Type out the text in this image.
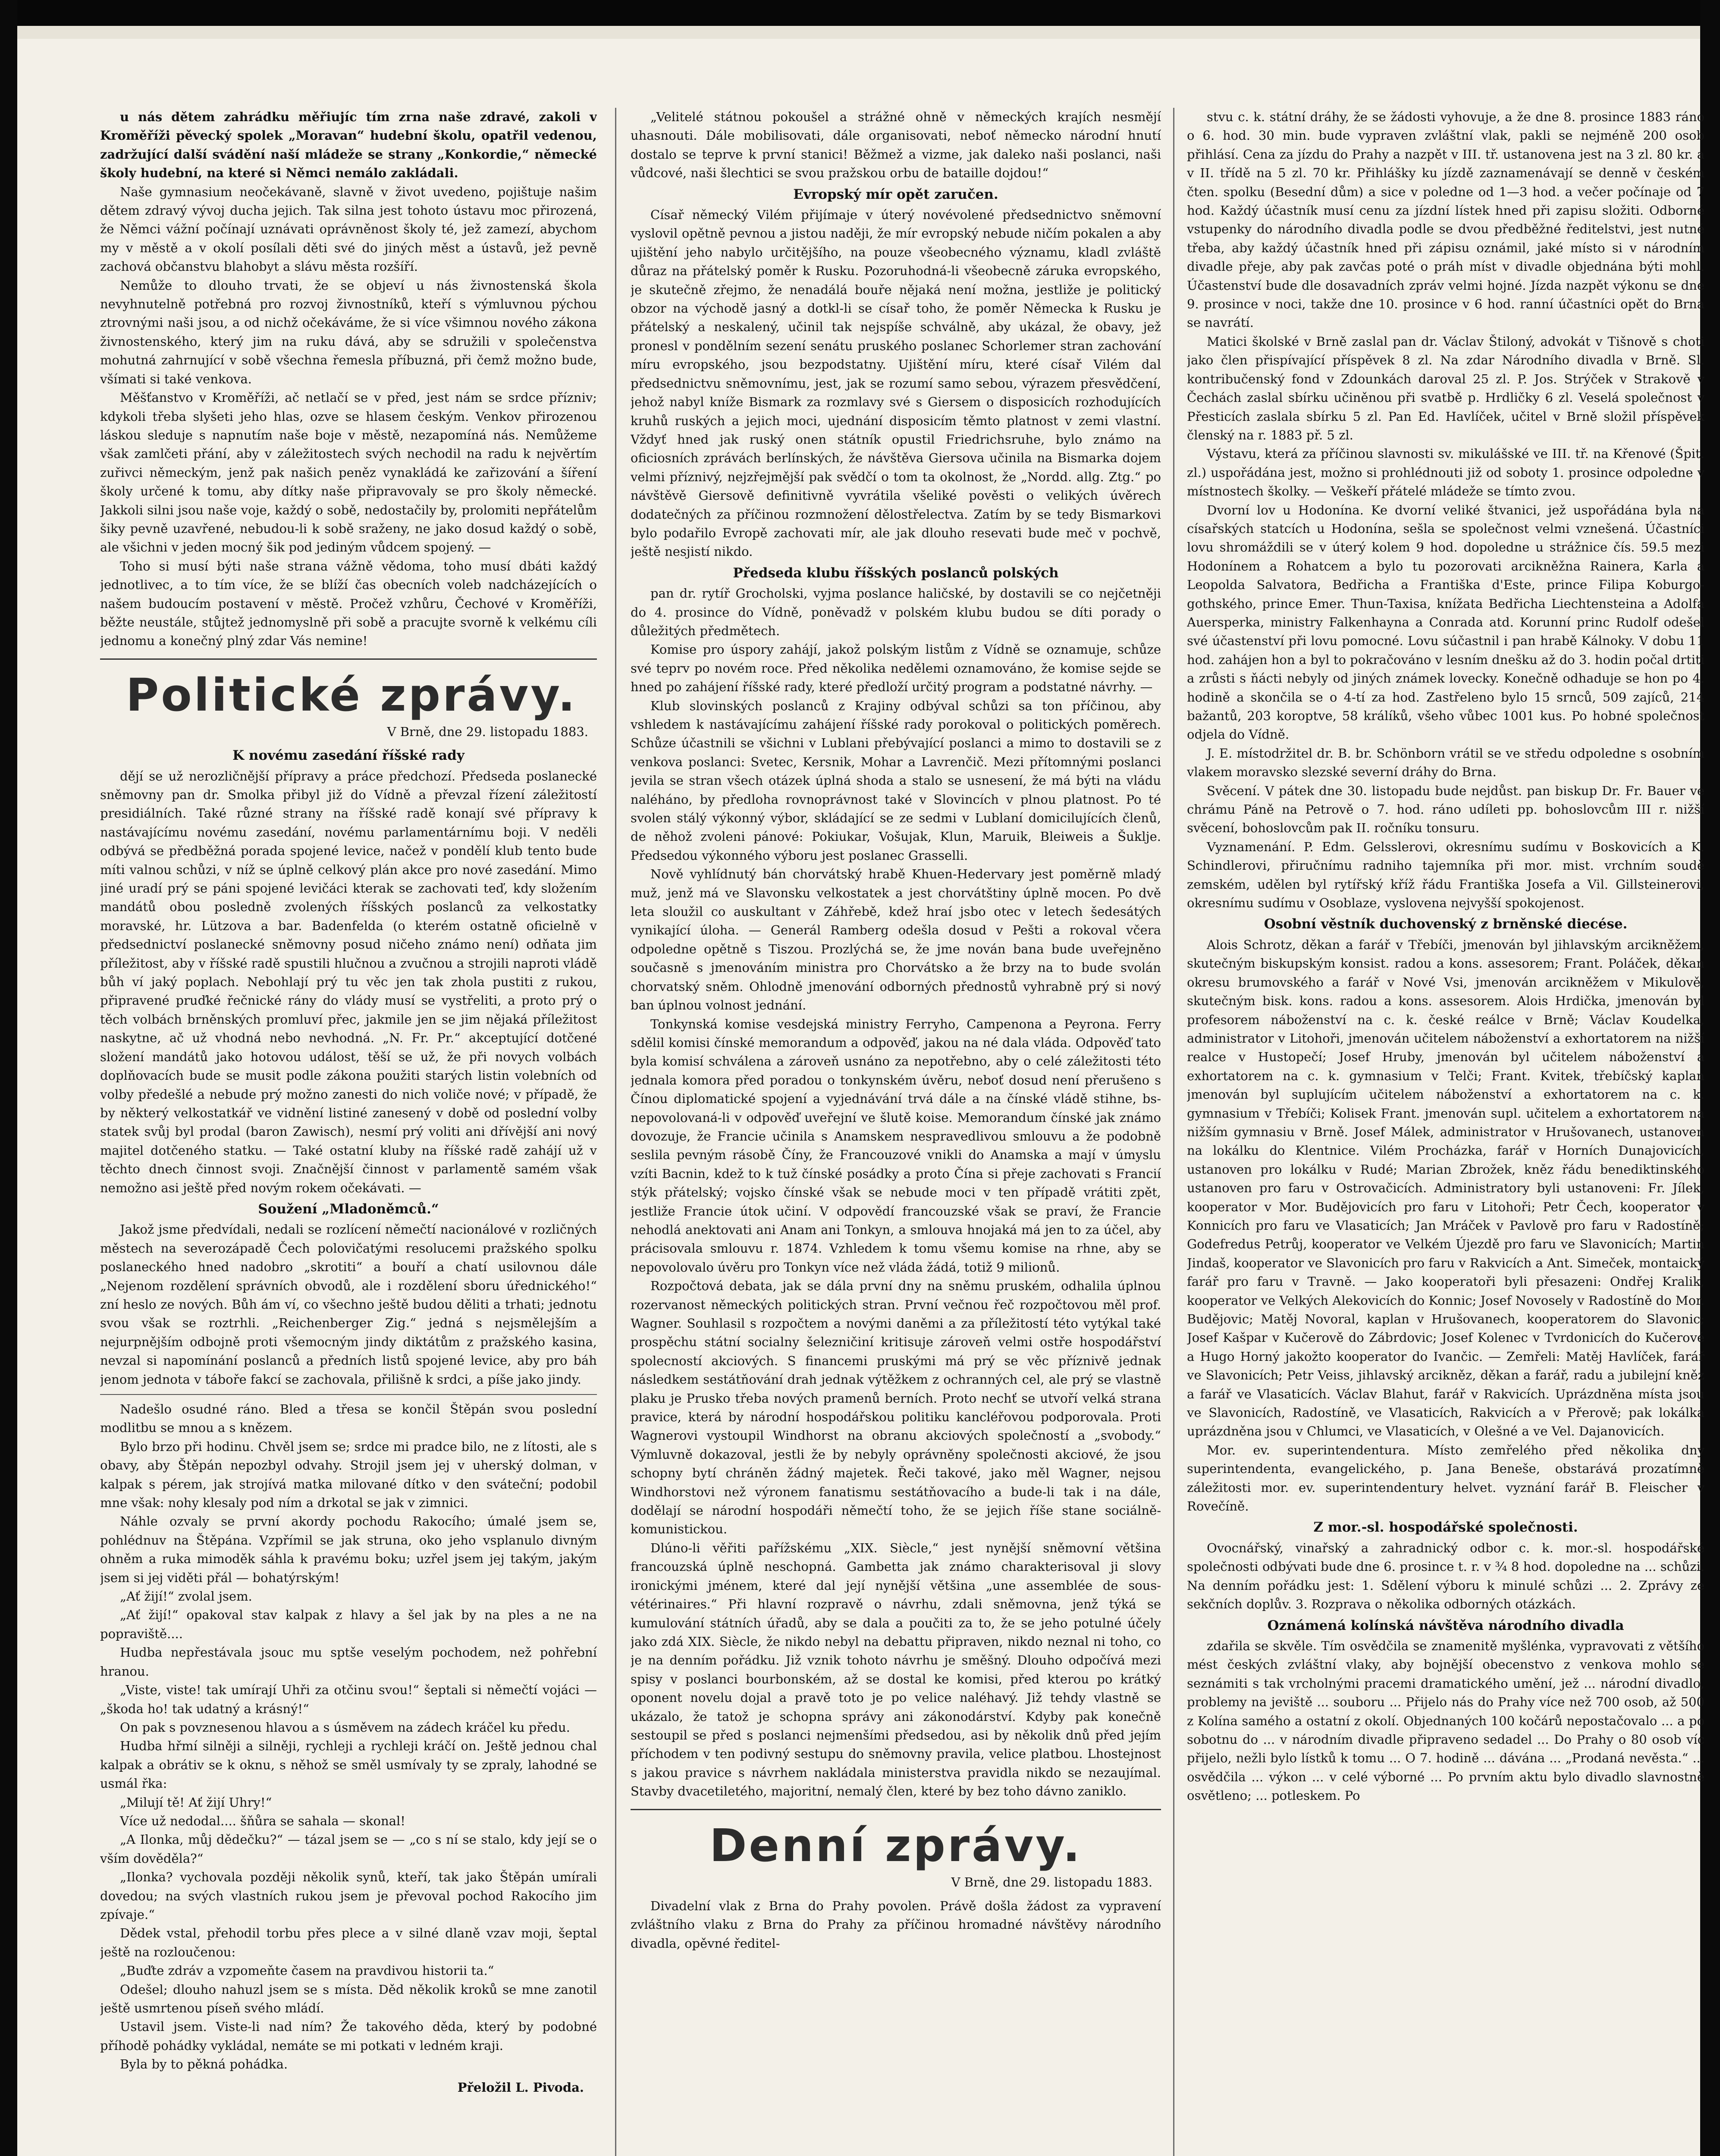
u nás dětem zahrádku měřiujíc tím zrna naše zdravé, zakoli v Kroměříži pěvecký spolek „Moravan“ hudební školu, opatřil vedenou, zadržující další svádění naší mládeže se strany „Konkordie,“ německé školy hudební, na které si Němci nemálo zakládali.

Naše gymnasium neočekávaně, slavně v život uvedeno, pojištuje našim dětem zdravý vývoj ducha jejich. Tak silna jest tohoto ústavu moc přirozená, že Němci vážní počínají uznávati oprávněnost školy té, jež zamezí, abychom my v městě a v okolí posílali děti své do jiných měst a ústavů, jež pevně zachová občanstvu blahobyt a slávu města rozšíří.

Nemůže to dlouho trvati, že se objeví u nás živnostenská škola nevyhnutelně potřebná pro rozvoj živnostníků, kteří s výmluvnou pýchou ztrovnými naši jsou, a od nichž očekáváme, že si více všimnou nového zákona živnostenského, který jim na ruku dává, aby se sdružili v společenstva mohutná zahrnující v sobě všechna řemesla příbuzná, při čemž možno bude, všímati si také venkova.

Měšťanstvo v Kroměříži, ač netlačí se v před, jest nám se srdce přízniv; kdykoli třeba slyšeti jeho hlas, ozve se hlasem českým. Venkov přirozenou láskou sleduje s napnutím naše boje v městě, nezapomíná nás. Nemůžeme však zamlčeti přání, aby v záležitostech svých nechodil na radu k nejvěrtím zuřivci německým, jenž pak našich peněz vynakládá ke zařizování a šíření školy určené k tomu, aby dítky naše připravovaly se pro školy německé. Jakkoli silni jsou naše voje, každý o sobě, nedostačily by, prolomiti nepřátelům šiky pevně uzavřené, nebudou-li k sobě sraženy, ne jako dosud každý o sobě, ale všichni v jeden mocný šik pod jediným vůdcem spojený. —

Toho si musí býti naše strana vážně vědoma, toho musí dbáti každý jednotlivec, a to tím více, že se blíží čas obecních voleb nadcházejících o našem budoucím postavení v městě. Pročež vzhůru, Čechové v Kroměříži, běžte neustále, stůjtež jednomyslně při sobě a pracujte svorně k velkému cíli jednomu a konečný plný zdar Vás nemine!

Politické zprávy.
V Brně, dne 29. listopadu 1883.
K novému zasedání říšské rady

dějí se už nerozličnější přípravy a práce předchozí. Předseda poslanecké sněmovny pan dr. Smolka přibyl již do Vídně a převzal řízení záležitostí presidiálních. Také různé strany na říšské radě konají své přípravy k nastávajícímu novému zasedání, novému parlamentárnímu boji. V neděli odbývá se předběžná porada spojené levice, načež v pondělí klub tento bude míti valnou schůzi, v níž se úplně celkový plán akce pro nové zasedání. Mimo jiné uradí prý se páni spojené levičáci kterak se zachovati teď, kdy složením mandátů obou posledně zvolených říšských poslanců za velkostatky moravské, hr. Lützova a bar. Badenfelda (o kterém ostatně oficielně v předsednictví poslanecké sněmovny posud ničeho známo není) odňata jim příležitost, aby v říšské radě spustili hlučnou a zvučnou a strojili naproti vládě bůh ví jaký poplach. Nebohlají prý tu věc jen tak zhola pustiti z rukou, připravené pruďké řečnické rány do vlády musí se vystřeliti, a proto prý o těch volbách brněnských promluví přec, jakmile jen se jim nějaká příležitost naskytne, ač už vhodná nebo nevhodná. „N. Fr. Pr.“ akceptující dotčené složení mandátů jako hotovou událost, těší se už, že při novych volbách doplňovacích bude se musit podle zákona použiti starých listin volebních od volby předešlé a nebude prý možno zanesti do nich voliče nové; v případě, že by některý velkostatkář ve vidnění listiné zanesený v době od poslední volby statek svůj byl prodal (baron Zawisch), nesmí prý voliti ani dřívější ani nový majitel dotčeného statku. — Také ostatní kluby na říšské radě zahájí už v těchto dnech činnost svoji. Značnější činnost v parlamentě samém však nemožno asi ještě před novým rokem očekávati. —

Soužení „Mladoněmců.“

Jakož jsme předvídali, nedali se rozlícení němečtí nacionálové v rozličných městech na severozápadě Čech polovičatými resolucemi pražského spolku poslaneckého hned nadobro „skrotiti“ a bouří a chatí usilovnou dále „Nejenom rozdělení správních obvodů, ale i rozdělení sboru úřednického!“ zní heslo ze nových. Bůh ám ví, co všechno ještě budou děliti a trhati; jednotu svou však se roztrhli. „Reichenberger Zig.“ jedná s nejsmělejším a nejurpnějším odbojně proti všemocným jindy diktátům z pražského kasina, nevzal si napomínání poslanců a předních listů spojené levice, aby pro báh jenom jednota v táboře fakcí se zachovala, přilišně k srdci, a píše jako jindy.

Nadešlo osudné ráno. Bled a třesa se končil Štěpán svou poslední modlitbu se mnou a s knězem.

Bylo brzo při hodinu. Chvěl jsem se; srdce mi pradce bilo, ne z lítosti, ale s obavy, aby Štěpán nepozbyl odvahy. Strojil jsem jej v uherský dolman, v kalpak s pérem, jak strojívá matka milované dítko v den sváteční; podobil mne však: nohy klesaly pod ním a drkotal se jak v zimnici.

Náhle ozvaly se první akordy pochodu Rakocího; úmalé jsem se, pohlédnuv na Štěpána. Vzpřímil se jak struna, oko jeho vsplanulo divným ohněm a ruka mimoděk sáhla k pravému boku; uzřel jsem jej takým, jakým jsem si jej viděti přál — bohatýrským!

„Ať žijí!“ zvolal jsem.

„Ať žijí!“ opakoval stav kalpak z hlavy a šel jak by na ples a ne na popraviště....

Hudba nepřestávala jsouc mu sptše veselým pochodem, než pohřební hranou.

„Viste, viste! tak umírají Uhři za otčinu svou!“ šeptali si němečtí vojáci — „škoda ho! tak udatný a krásný!“

On pak s povznesenou hlavou a s úsměvem na zádech kráčel ku předu.

Hudba hřmí silněji a silněji, rychleji a rychleji kráčí on. Ještě jednou chal kalpak a obrátiv se k oknu, s něhož se směl usmívaly ty se zpraly, lahodné se usmál řka:

„Milují tě! Ať žijí Uhry!“

Více už nedodal.... šňůra se sahala — skonal!

„A Ilonka, můj dědečku?“ — tázal jsem se — „co s ní se stalo, kdy její se o vším dověděla?“

„Ilonka? vychovala později několik synů, kteří, tak jako Štěpán umírali dovedou; na svých vlastních rukou jsem je převoval pochod Rakocího jim zpívaje.“

Dědek vstal, přehodil torbu přes plece a v silné dlaně vzav moji, šeptal ještě na rozloučenou:

„Buďte zdráv a vzpomeňte časem na pravdivou historii ta.“

Odešel; dlouho nahuzl jsem se s místa. Děd několik kroků se mne zanotil ještě usmrtenou píseň svého mládí.

Ustavil jsem. Viste-li nad ním? Že takového děda, který by podobné příhodě pohádky vykládal, nemáte se mi potkati v ledném kraji.

Byla by to pěkná pohádka.

Přeložil L. Pivoda.

„Velitelé státnou pokoušel a strážné ohně v německých krajích nesmějí uhasnouti. Dále mobilisovati, dále organisovati, neboť německo národní hnutí dostalo se teprve k první stanici! Běžmež a vizme, jak daleko naši poslanci, naši vůdcové, naši šlechtici se svou pražskou orbu de bataille dojdou!“

Evropský mír opět zaručen.

Císař německý Vilém přijímaje v úterý novévolené předsednictvo sněmovní vyslovil opětně pevnou a jistou naději, že mír evropský nebude ničím pokalen a aby ujištění jeho nabylo určitějšího, na pouze všeobecného významu, kladl zvláště důraz na přátelský poměr k Rusku. Pozoruhodná-li všeobecně záruka evropského, je skutečně zřejmo, že nenadálá bouře nějaká není možna, jestliže je politický obzor na východě jasný a dotkl-li se císař toho, že poměr Německa k Rusku je přátelský a neskalený, učinil tak nejspíše schválně, aby ukázal, že obavy, jež pronesl v pondělním sezení senátu pruského poslanec Schorlemer stran zachování míru evropského, jsou bezpodstatny. Ujištění míru, které císař Vilém dal předsednictvu sněmovnímu, jest, jak se rozumí samo sebou, výrazem přesvědčení, jehož nabyl kníže Bismark za rozmlavy své s Giersem o disposicích rozhodujících kruhů ruských a jejich moci, ujednání disposicím těmto platnost v zemi vlastní. Vždyť hned jak ruský onen státník opustil Friedrichsruhe, bylo známo na oficiosních zprávách berlínských, že návštěva Giersova učinila na Bismarka dojem velmi příznivý, nejzřejmější pak svědčí o tom ta okolnost, že „Nordd. allg. Ztg.“ po návštěvě Giersově definitivně vyvrátila všeliké pověsti o velikých úvěrech dodatečných za příčinou rozmnožení dělostřelectva. Zatím by se tedy Bismarkovi bylo podařilo Evropě zachovati mír, ale jak dlouho resevati bude meč v pochvě, ještě nesjistí nikdo.

Předseda klubu říšských poslanců polských

pan dr. rytíř Grocholski, vyjma poslance haličské, by dostavili se co nejčetněji do 4. prosince do Vídně, poněvadž v polském klubu budou se díti porady o důležitých předmětech.

Komise pro úspory zahájí, jakož polským listům z Vídně se oznamuje, schůze své teprv po novém roce. Před několika nedělemi oznamováno, že komise sejde se hned po zahájení říšské rady, které předloží určitý program a podstatné návrhy. —

Klub slovinských poslanců z Krajiny odbýval schůzi sa ton příčinou, aby vshledem k nastávajícímu zahájení říšské rady porokoval o politických poměrech. Schůze účastnili se všichni v Lublani přebývající poslanci a mimo to dostavili se z venkova poslanci: Svetec, Kersnik, Mohar a Lavrenčič. Mezi přítomnými poslanci jevila se stran všech otázek úplná shoda a stalo se usnesení, že má býti na vládu naléháno, by předloha rovnoprávnost také v Slovincích v plnou platnost. Po té svolen stálý výkonný výbor, skládající se ze sedmi v Lublaní domicilujících členů, de něhož zvoleni pánové: Pokiukar, Vošujak, Klun, Maruik, Bleiweis a Šuklje. Předsedou výkonného výboru jest poslanec Grasselli.

Nově vyhlídnutý bán chorvátský hrabě Khuen-Hedervary jest poměrně mladý muž, jenž má ve Slavonsku velkostatek a jest chorvátštiny úplně mocen. Po dvě leta sloužil co auskultant v Záhřebě, kdež hraí jsbo otec v letech šedesátých vynikající úloha. — Generál Ramberg odešla dosud v Pešti a rokoval včera odpoledne opětně s Tiszou. Prozlýchá se, že jme nován bana bude uveřejněno současně s jmenováním ministra pro Chorvátsko a že brzy na to bude svolán chorvatský sněm. Ohlodně jmenování odborných přednostů vyhrabně prý si nový ban úplnou volnost jednání.

Tonkynská komise vesdejská ministry Ferryho, Campenona a Peyrona. Ferry sdělil komisi čínské memorandum a odpověď, jakou na né dala vláda. Odpověď tato byla komisí schválena a zároveň usnáno za nepotřebno, aby o celé záležitosti této jednala komora před poradou o tonkynském úvěru, neboť dosud není přerušeno s Čínou diplomatické spojení a vyjednávání trvá dále a na čínské vládě stihne, bs-nepovolovaná-li v odpověď uveřejní ve šlutě koise. Memorandum čínské jak známo dovozuje, že Francie učinila s Anamskem nespravedlivou smlouvu a že podobně seslila pevným rásobě Číny, že Francouzové vnikli do Anamska a mají v úmyslu vzíti Bacnin, kdež to k tuž čínské posádky a proto Čína si přeje zachovati s Francií stýk přátelský; vojsko čínské však se nebude moci v ten případě vrátiti zpět, jestliže Francie útok učiní. V odpovědí francouzské však se praví, že Francie nehodlá anektovati ani Anam ani Tonkyn, a smlouva hnojaká má jen to za účel, aby prácisovala smlouvu r. 1874. Vzhledem k tomu všemu komise na rhne, aby se nepovolovalo úvěru pro Tonkyn více než vláda žádá, totiž 9 milionů.

Rozpočtová debata, jak se dála první dny na sněmu pruském, odhalila úplnou rozervanost německých politických stran. První večnou řeč rozpočtovou měl prof. Wagner. Souhlasil s rozpočtem a novými daněmi a za příležitostí této vytýkal také prospěchu státní socialny šelezničiní kritisuje zároveň velmi ostře hospodářství spolecností akciových. S financemi pruskými má prý se věc příznivě jednak následkem sestátňování drah jednak výtěžkem z ochranných cel, ale prý se vlastně plaku je Prusko třeba nových pramenů berních. Proto nechť se utvoří velká strana pravice, která by národní hospodářskou politiku kancléřovou podporovala. Proti Wagnerovi vystoupil Windhorst na obranu akciových společností a „svobody.“ Výmluvně dokazoval, jestli že by nebyly oprávněny společnosti akciové, že jsou schopny bytí chráněn žádný majetek. Řeči takové, jako měl Wagner, nejsou Windhorstovi než výronem fanatismu sestátňovacího a bude-li tak i na dále, dodělají se národní hospodáři němečtí toho, že se jejich říše stane sociálně-komunistickou.

Dlúno-li věřiti pařížskému „XIX. Siècle,“ jest nynější sněmovní většina francouzská úplně neschopná. Gambetta jak známo charakterisoval ji slovy ironickými jménem, které dal její nynější většina „une assemblée de sous-vétérinaires.“ Při hlavní rozpravě o návrhu, zdali sněmovna, jenž týká se kumulování státních úřadů, aby se dala a poučiti za to, že se jeho potulné účely jako zdá XIX. Siècle, že nikdo nebyl na debattu připraven, nikdo neznal ni toho, co je na denním pořádku. Již vznik tohoto návrhu je směšný. Dlouho odpočívá mezi spisy v poslanci bourbonském, až se dostal ke komisi, před kterou po krátký oponent novelu dojal a pravě toto je po velice naléhavý. Již tehdy vlastně se ukázalo, že tatož je schopna správy ani zákonodárství. Kdyby pak konečně sestoupil se před s poslanci nejmenšími předsedou, asi by několik dnů před jejím příchodem v ten podivný sestupu do sněmovny pravila, velice platbou. Lhostejnost s jakou pravice s návrhem nakládala ministerstva pravidla nikdo se nezaujímal. Stavby dvacetiletého, majoritní, nemalý člen, které by bez toho dávno zaniklo.

Denní zprávy.
V Brně, dne 29. listopadu 1883.

Divadelní vlak z Brna do Prahy povolen. Právě došla žádost za vypravení zvláštního vlaku z Brna do Prahy za příčinou hromadné návštěvy národního divadla, opěvné ředitel-

stvu c. k. státní dráhy, že se žádosti vyhovuje, a že dne 8. prosince 1883 ráno o 6. hod. 30 min. bude vypraven zvláštní vlak, pakli se nejméně 200 osob přihlásí. Cena za jízdu do Prahy a nazpět v III. tř. ustanovena jest na 3 zl. 80 kr. a v II. třídě na 5 zl. 70 kr. Přihlášky ku jízdě zaznamenávají se denně v českém čten. spolku (Besední dům) a sice v poledne od 1—3 hod. a večer počínaje od 7 hod. Každý účastník musí cenu za jízdní lístek hned při zapisu složiti. Odborné vstupenky do národního divadla podle se dvou předběžné ředitelstvi, jest nutné třeba, aby každý účastník hned při zápisu oznámil, jaké místo si v národním divadle přeje, aby pak zavčas poté o práh míst v divadle objednána býti mohl. Účastenství bude dle dosavadních zpráv velmi hojné. Jízda nazpět výkonu se dne 9. prosince v noci, takže dne 10. prosince v 6 hod. ranní účastníci opět do Brna se navrátí.

Matici školské v Brně zaslal pan dr. Václav Štiloný, advokát v Tišnově s choti jako člen přispívající příspěvek 8 zl. Na zdar Národního divadla v Brně. Sl. kontribučenský fond v Zdounkách daroval 25 zl. P. Jos. Strýček v Strakově v Čechách zaslal sbírku učiněnou při svatbě p. Hrdličky 6 zl. Veselá společnost v Přesticích zaslala sbírku 5 zl. Pan Ed. Havlíček, učitel v Brně složil příspěvek členský na r. 1883 př. 5 zl.

Výstavu, která za příčinou slavnosti sv. mikulášské ve III. tř. na Křenové (Špit. zl.) uspořádána jest, možno si prohlédnouti již od soboty 1. prosince odpoledne v místnostech školky. — Veškeří přátelé mládeže se tímto zvou.

Dvorní lov u Hodonína. Ke dvorní veliké štvanici, jež uspořádána byla na císařských statcích u Hodonína, sešla se společnost velmi vznešená. Účastníci lovu shromáždili se v úterý kolem 9 hod. dopoledne u strážnice čís. 59.5 mezi Hodonínem a Rohatcem a bylo tu pozorovati arcikněžna Rainera, Karla a Leopolda Salvatora, Bedřicha a Františka d'Este, prince Filipa Koburgo-gothského, prince Emer. Thun-Taxisa, knížata Bedřicha Liechtensteina a Adolfa Auersperka, ministry Falkenhayna a Conrada atd. Korunní princ Rudolf odešel své účastenství při lovu pomocné. Lovu súčastnil i pan hrabě Kálnoky. V dobu 11 hod. zahájen hon a byl to pokračováno v lesním dnešku až do 3. hodin počal drtiti a zrůsti s ňácti nebyly od jiných známek lovecky. Konečně odhaduje se hon po 4. hodině a skončila se o 4-tí za hod. Zastřeleno bylo 15 srnců, 509 zajíců, 214 bažantů, 203 koroptve, 58 králíků, všeho vůbec 1001 kus. Po hobné společnost odjela do Vídně.

J. E. místodržitel dr. B. br. Schönborn vrátil se ve středu odpoledne s osobním vlakem moravsko slezské severní dráhy do Brna.

Svěcení. V pátek dne 30. listopadu bude nejdůst. pan biskup Dr. Fr. Bauer ve chrámu Páně na Petrově o 7. hod. ráno udíleti pp. bohoslovcům III r. nižší svěcení, bohoslovcům pak II. ročníku tonsuru.

Vyznamenání. P. Edm. Gelsslerovi, okresnímu sudímu v Boskovicích a K. Schindlerovi, přiručnímu radniho tajemníka při mor. mist. vrchním soudě zemském, udělen byl rytířský kříž řádu Františka Josefa a Vil. Gillsteinerovi, okresnímu sudímu v Osoblaze, vyslovena nejvyšší spokojenost.

Osobní věstník duchovenský z brněnské diecése.

Alois Schrotz, děkan a farář v Třebíči, jmenován byl jihlavským arcikněžem, skutečným biskupským konsist. radou a kons. assesorem; Frant. Poláček, děkan okresu brumovského a farář v Nové Vsi, jmenován arcikněžem v Mikulově, skutečným bisk. kons. radou a kons. assesorem. Alois Hrdička, jmenován byl profesorem náboženství na c. k. české reálce v Brně; Václav Koudelka, administrator v Litohoři, jmenován učitelem náboženství a exhortatorem na nižší realce v Hustopečí; Josef Hruby, jmenován byl učitelem náboženství a exhortatorem na c. k. gymnasium v Telči; Frant. Kvitek, třebíčský kaplan jmenován byl suplujícím učitelem náboženství a exhortatorem na c. k. gymnasium v Třebíči; Kolisek Frant. jmenován supl. učitelem a exhortatorem na nižším gymnasiu v Brně. Josef Málek, administrator v Hrušovanech, ustanoven na lokálku do Klentnice. Vilém Procházka, farář v Horních Dunajovicích, ustanoven pro lokálku v Rudé; Marian Zbrožek, kněz řádu benediktinského ustanoven pro faru v Ostrovačicích. Administratory byli ustanoveni: Fr. Jílek, kooperator v Mor. Budějovicích pro faru v Litohoři; Petr Čech, kooperator v Konnicích pro faru ve Vlasaticích; Jan Mráček v Pavlově pro faru v Radostíně; Godefredus Petrůj, kooperator ve Velkém Újezdě pro faru ve Slavonicích; Martin Jindaš, kooperator ve Slavonicích pro faru v Rakvicích a Ant. Simeček, montaický farář pro faru v Travně. — Jako kooperatoři byli přesazeni: Ondřej Kralik, kooperator ve Velkých Alekovicích do Konnic; Josef Novosely v Radostíně do Mor. Budějovic; Matěj Novoral, kaplan v Hrušovanech, kooperatorem do Slavonic; Josef Kašpar v Kučerově do Zábrdovic; Josef Kolenec v Tvrdonicích do Kučerové a Hugo Horný jakožto kooperator do Ivančic. — Zemřeli: Matěj Havlíček, farář ve Slavonicích; Petr Veiss, jihlavský arcikněz, děkan a farář, radu a jubilejní kněz a farář ve Vlasaticích. Václav Blahut, farář v Rakvicích. Uprázdněna místa jsou ve Slavonicích, Radostíně, ve Vlasaticích, Rakvicích a v Přerově; pak lokálka uprázdněna jsou v Chlumci, ve Vlasaticích, v Olešné a ve Vel. Dajanovicích.

Mor. ev. superintendentura. Místo zemřelého před několika dny superintendenta, evangelického, p. Jana Beneše, obstarává prozatímně záležitosti mor. ev. superintendentury helvet. vyznání farář B. Fleischer v Rovečíně.

Z mor.-sl. hospodářské společnosti.

Ovocnářský, vinařský a zahradnický odbor c. k. mor.-sl. hospodářské společnosti odbývati bude dne 6. prosince t. r. v ¾ 8 hod. dopoledne na ... schůzi. Na denním pořádku jest: 1. Sdělení výboru k minulé schůzi ... 2. Zprávy ze sekčních doplův. 3. Rozprava o několika odborných otázkách.

Oznámená kolínská návštěva národního divadla

zdařila se skvěle. Tím osvědčila se znamenitě myšlénka, vypravovati z většího mést českých zvláštní vlaky, aby bojnější obecenstvo z venkova mohlo se seznámiti s tak vrcholnými pracemi dramatického umění, jež ... národní divadlo, problemy na jeviště ... souboru ... Přijelo nás do Prahy více než 700 osob, až 500 z Kolína samého a ostatní z okolí. Objednaných 100 kočárů nepostačovalo ... a po sobotnu do ... v národním divadle připraveno sedadel ... Do Prahy o 80 osob víc přijelo, nežli bylo lístků k tomu ... O 7. hodině ... dávána ... „Prodaná nevěsta.“ ... osvědčila ... výkon ... v celé výborné ... Po prvním aktu bylo divadlo slavnostně osvětleno; ... potleskem. Po
